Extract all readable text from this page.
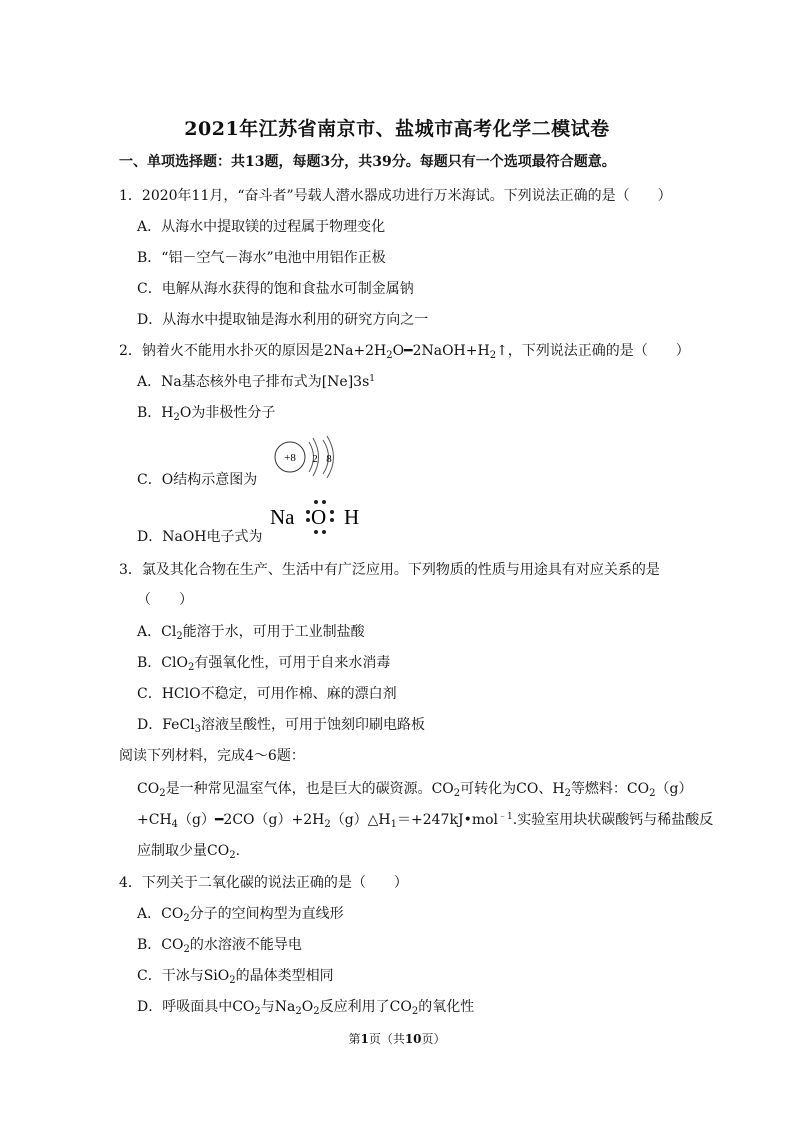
2021年江苏省南京市、盐城市高考化学二模试卷
一、单项选择题：共13题，每题3分，共39分。每题只有一个选项最符合题意。
1．2020年11月，“奋斗者”号载人潜水器成功进行万米海试。下列说法正确的是（　　）
A．从海水中提取镁的过程属于物理变化
B．“铝－空气－海水”电池中用铝作正极
C．电解从海水获得的饱和食盐水可制金属钠
D．从海水中提取铀是海水利用的研究方向之一
2．钠着火不能用水扑灭的原因是$2Na+2H_2O━2NaOH+H_2↑$，下列说法正确的是（　　）
A．Na基态核外电子排布式为$[Ne]3s^1$
B．$H_2O$为非极性分子
+8 2 8
C．O结构示意图为
Na O H
D．NaOH电子式为
3．氯及其化合物在生产、生活中有广泛应用。下列物质的性质与用途具有对应关系的是
（　　）
A．$Cl_2$能溶于水，可用于工业制盐酸
B．ClO$_2$有强氧化性，可用于自来水消毒
C．HClO不稳定，可用作棉、麻的漂白剂
D．FeCl$_3$溶液呈酸性，可用于蚀刻印刷电路板
阅读下列材料，完成4～6题：
$CO_2$是一种常见温室气体，也是巨大的碳资源。$CO_2$可转化为CO、$H_2$等燃料：$CO_2(g)$
$+CH_4(g)━2CO(g)+2H_2(g)\triangle H_1=+247kJ•mol^{﹣1}$.实验室用块状碳酸钙与稀盐酸反
应制取少量$CO_2$.
4．下列关于二氧化碳的说法正确的是（　　）
A．$CO_2$分子的空间构型为直线形
B．$CO_2$的水溶液不能导电
C．干冰与SiO$_2$的晶体类型相同
D．呼吸面具中$CO_2$与$Na_2O_2$反应利用了$CO_2$的氧化性
第1页（共10页）
